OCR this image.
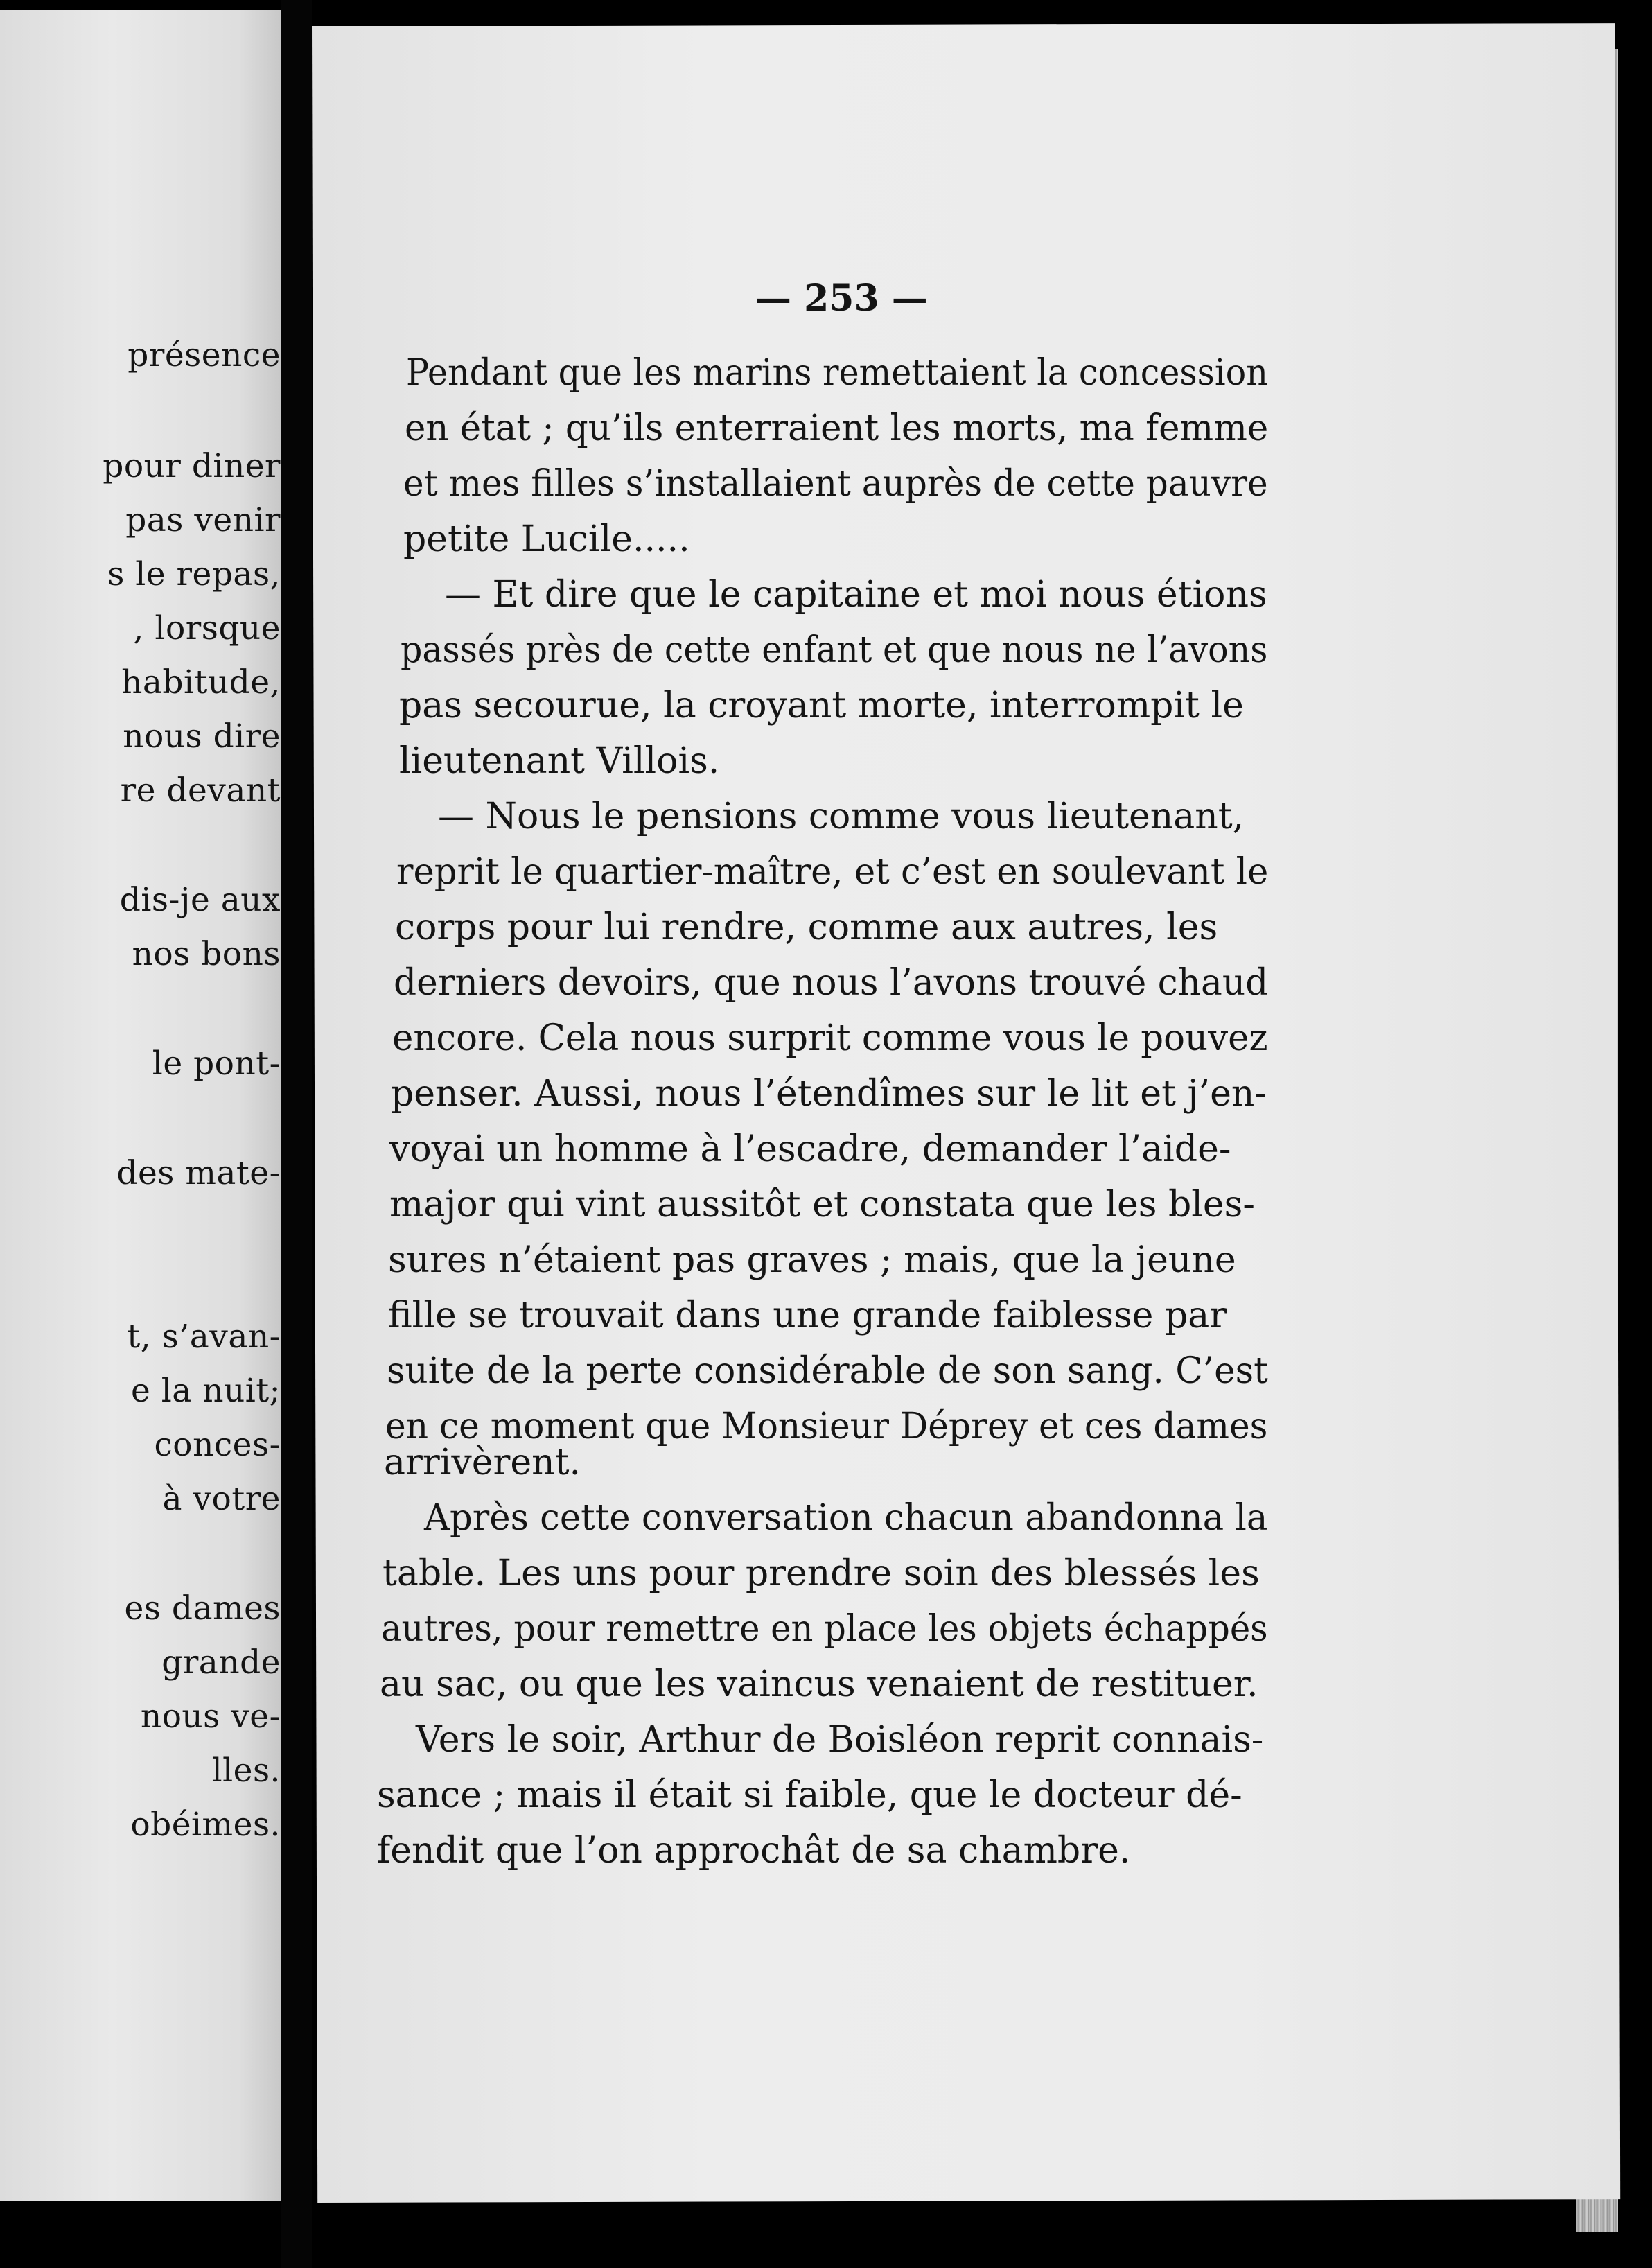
présence
pour diner
pas venir
s le repas,
, lorsque
habitude,
nous dire
re devant
dis-je aux
nos bons
le pont-
des mate-
t, s’avan-
e la nuit;
conces-
à votre
es dames
grande
nous ve-
lles.
obéimes.
— 253 —
Pendant que les marins remettaient la concession
en état ; qu’ils enterraient les morts, ma femme
et mes filles s’installaient auprès de cette pauvre
petite Lucile.....
— Et dire que le capitaine et moi nous étions
passés près de cette enfant et que nous ne l’avons
pas secourue, la croyant morte, interrompit le
lieutenant Villois.
— Nous le pensions comme vous lieutenant,
reprit le quartier-maître, et c’est en soulevant le
corps pour lui rendre, comme aux autres, les
derniers devoirs, que nous l’avons trouvé chaud
encore. Cela nous surprit comme vous le pouvez
penser. Aussi, nous l’étendîmes sur le lit et j’en-
voyai un homme à l’escadre, demander l’aide-
major qui vint aussitôt et constata que les bles-
sures n’étaient pas graves ; mais, que la jeune
fille se trouvait dans une grande faiblesse par
suite de la perte considérable de son sang. C’est
en ce moment que Monsieur Déprey et ces dames
arrivèrent.
Après cette conversation chacun abandonna la
table. Les uns pour prendre soin des blessés les
autres, pour remettre en place les objets échappés
au sac, ou que les vaincus venaient de restituer.
Vers le soir, Arthur de Boisléon reprit connais-
sance ; mais il était si faible, que le docteur dé-
fendit que l’on approchât de sa chambre.
